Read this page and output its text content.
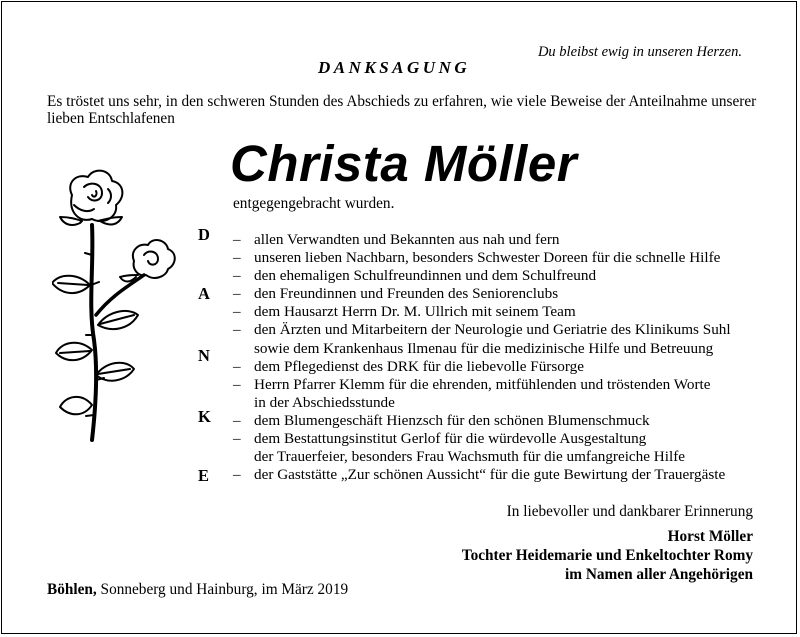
Du bleibst ewig in unseren Herzen.
DANKSAGUNG
Es tröstet uns sehr, in den schweren Stunden des Abschieds zu erfahren, wie viele Beweise der Anteilnahme unserer lieben Entschlafenen
Christa Möller
entgegengebracht wurden.
D
A
N
K
E
– allen Verwandten und Bekannten aus nah und fern
– unseren lieben Nachbarn, besonders Schwester Doreen für die schnelle Hilfe
– den ehemaligen Schulfreundinnen und dem Schulfreund
– den Freundinnen und Freunden des Seniorenclubs
– dem Hausarzt Herrn Dr. M. Ullrich mit seinem Team
– den Ärzten und Mitarbeitern der Neurologie und Geriatrie des Klinikums Suhl
sowie dem Krankenhaus Ilmenau für die medizinische Hilfe und Betreuung
– dem Pflegedienst des DRK für die liebevolle Fürsorge
– Herrn Pfarrer Klemm für die ehrenden, mitfühlenden und tröstenden Worte
in der Abschiedsstunde
– dem Blumengeschäft Hienzsch für den schönen Blumenschmuck
– dem Bestattungsinstitut Gerlof für die würdevolle Ausgestaltung
der Trauerfeier, besonders Frau Wachsmuth für die umfangreiche Hilfe
– der Gaststätte „Zur schönen Aussicht“ für die gute Bewirtung der Trauergäste
In liebevoller und dankbarer Erinnerung
Horst Möller
Tochter Heidemarie und Enkeltochter Romy
im Namen aller Angehörigen
Böhlen, Sonneberg und Hainburg, im März 2019
